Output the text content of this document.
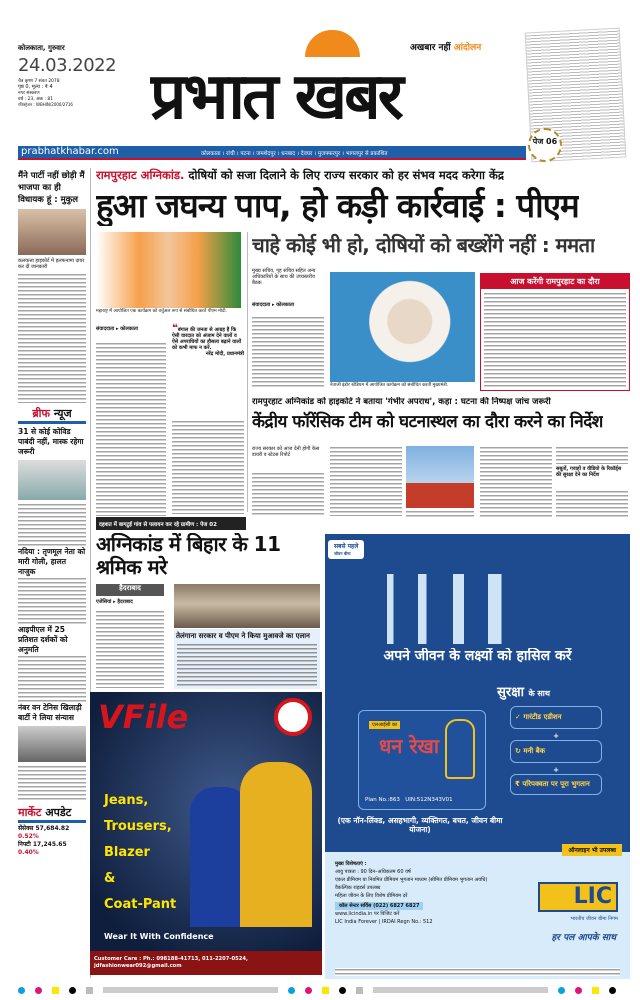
कोलकाता, गुरुवार
24.03.2022
चैत्र कृष्ण 7 संवत 2078
पृष्ठ 0, मूल्य : ₹ 4
नगर संस्करण
वर्ष : 23, अंक : 81
रजिस्ट्रेशन : WBHIN/2000/2716 प्रभात खबर
अखबार नहीं आंदोलन
पेज 06
prabhatkhabar.com	कोलकाता । रांची । पटना । जमशेदपुर । धनबाद । देवघर । मुजफ्फरपुर । भागलपुर से प्रकाशित
मैंने पार्टी नहीं छोड़ी मैं भाजपा का ही विधायक हूं : मुकुल
कलकत्ता हाइकोर्ट में हलफनामा दायर कर दी जानकारी
ब्रीफ न्यूज
31 से कोई कोविड पाबंदी नहीं, मास्क रहेगा जरूरी
नदिया : तृणमूल नेता को मारी गोली, हालत नाजुक
आइपीएल में 25 प्रतिशत दर्शकों को अनुमति
नंबर वन टेनिस खिलाड़ी बार्टी ने लिया संन्यास
मार्केट अपडेट
सेंसेक्स 57,684.82 0.52%
निफ्टी 17,245.65 0.40%
रामपुरहाट अग्निकांड. दोषियों को सजा दिलाने के लिए राज्य सरकार को हर संभव मदद करेगा केंद्र
हुआ जघन्य पाप, हो कड़ी कार्रवाई : पीएम
महाराष्ट्र में आयोजित एक कार्यक्रम को वर्चुअल रूप से संबोधित करते पीएम मोदी.
संवाददाता ▸ कोलकाता	❝बंगाल की जनता से आग्रह है कि ऐसी वारदात को अंजाम देने वालों व ऐसे अपराधियों का हौसला बढ़ाने वालों को कभी माफ न करें.
नरेंद्र मोदी, प्रधानमंत्री
चाहे कोई भी हो, दोषियों को बख्शेंगे नहीं : ममता
मुख्य सचिव, गृह सचिव सहित अन्य अधिकारियों के साथ की उच्चस्तरीय बैठक
संवाददाता ▸ कोलकाता
नेताजी इंडोर स्टेडियम में आयोजित कार्यक्रम को संबोधित करतीं मुख्यमंत्री.
आज करेंगी रामपुरहाट का दौरा
रामपुरहाट अग्निकांड को हाइकोर्ट ने बताया 'गंभीर अपराध', कहा : घटना की निष्पक्ष जांच जरूरी
केंद्रीय फॉरेंसिक टीम को घटनास्थल का दौरा करने का निर्देश
राज्य सरकार को आज देनी होगी केस डायरी व स्टेटस रिपोर्ट
सबूतों, गवाहों व वीडियो के रिकॉर्ड्स की सुरक्षा देने का निर्देश
दहशत में बागटुई गांव से पलायन कर रहे ग्रामीण : पेज 02
अग्निकांड में बिहार के 11 श्रमिक मरे
हैदराबाद
एजेंसियां ▸ हैदराबाद
तेलंगाना सरकार व पीएम ने किया मुआवजे का एलान
VFile
Jeans,
Trousers,
Blazer
&
Coat-Pant
Wear It With Confidence
Customer Care : Ph.: 098188-41713, 011-2207-0524, jdfashionwear092@gmail.com
सबसे पहले
जीवन बीमा
अपने जीवन के लक्ष्यों को हासिल करें
सुरक्षा के साथ
एलआईसी का
धन रेखा
Plan No.:863 UIN:512N343V01
✓ गारंटीड एडीशन
+
↻ मनी बैक
+
₹ परिपक्वता पर पूरा भुगतान
(एक नॉन-लिंक्ड, असहभागी, व्यक्तिगत, बचत, जीवन बीमा योजना)
ऑनलाइन भी उपलब्ध
मुख्य विशेषताएं :
आयु पात्रता : 90 दिन–अधिकतम 60 वर्ष
एकल प्रीमियम या नियमित प्रीमियम भुगतान माध्यम (सीमित प्रीमियम भुगतान अवधि)
वैकल्पिक राइडर्स उपलब्ध
महिला जीवन के लिए विशेष प्रीमियम दरें
कॉल सेन्टर सर्विस (022) 6827 6827
www.licindia.in पर विजिट करें
LIC India Forever | IRDAI Regn No.: 512
LIC
भारतीय जीवन बीमा निगम
हर पल आपके साथ
